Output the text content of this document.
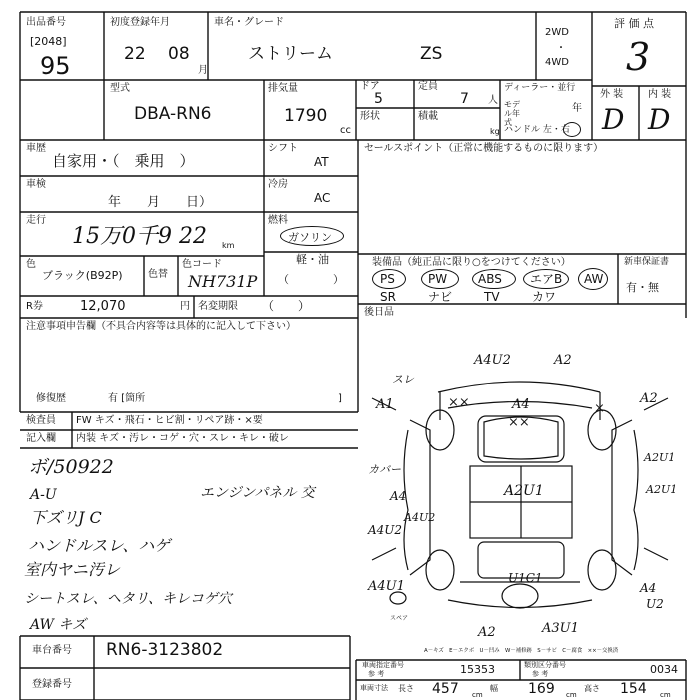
出品番号
[2048]
95
初度登録年月
22 08
月
車名・グレード
ストリーム	ZS
2WD
・
4WD
評 価 点
3
外 装 内 装
D D
型式
DBA-RN6
排気量
1790
cc
ドア
5
定員
7 人
形状	積載
kg
ディーラー・並行
モデル年式
年
ハンドル 左・右
車歴
自家用・（　乗用　）
シフト
AT
車検
年　　月　　日）
冷房
AC
走行
15万0千9 22 km
燃料
ガソリン
軽・油
（　　　　）
色
ブラック(B92P)	色替
色コード
NH731P
R券	12,070	円 名変期限 （　　）
注意事項申告欄（不具合内容等は具体的に記入して下さい）
修復歴	有 [箇所	]
セールスポイント（正常に機能するものに限ります）
装備品（純正品に限り○をつけてください）	新車保証書
有・無
PS	PW	ABS エアB AW
SR	ナビ	TV	カワ
後日品
検査員
記入欄
FW キズ・飛石・ヒビ割・リペア跡・×要
内装 キズ・汚レ・コゲ・穴・スレ・キレ・破レ
ボ/50922
A-U
下ズリJ C
ハンドルスレ、ハゲ
室内ヤニ汚レ
シートスレ、ヘタリ、キレコゲ穴
AW キズ
エンジンパネル 交
A4U2	A2
スレ
A4	A2
A1
A2U1
カバー
A4
A2U1
A2U1
A4U2
A4U2
A4U1
U1C1
A4
U2
A2	A3U1
××	×
××
スペア
A－キズ　E－エクボ　U－凹み　W－補修跡　S－サビ　C－腐食　××－交換済
車台番号 RN6-3123802
登録番号
車両指定番号
参 考	15353	類別区分番号
参 考	0034
車両寸法 長さ 457 cm
幅 169 cm
高さ 154 cm
